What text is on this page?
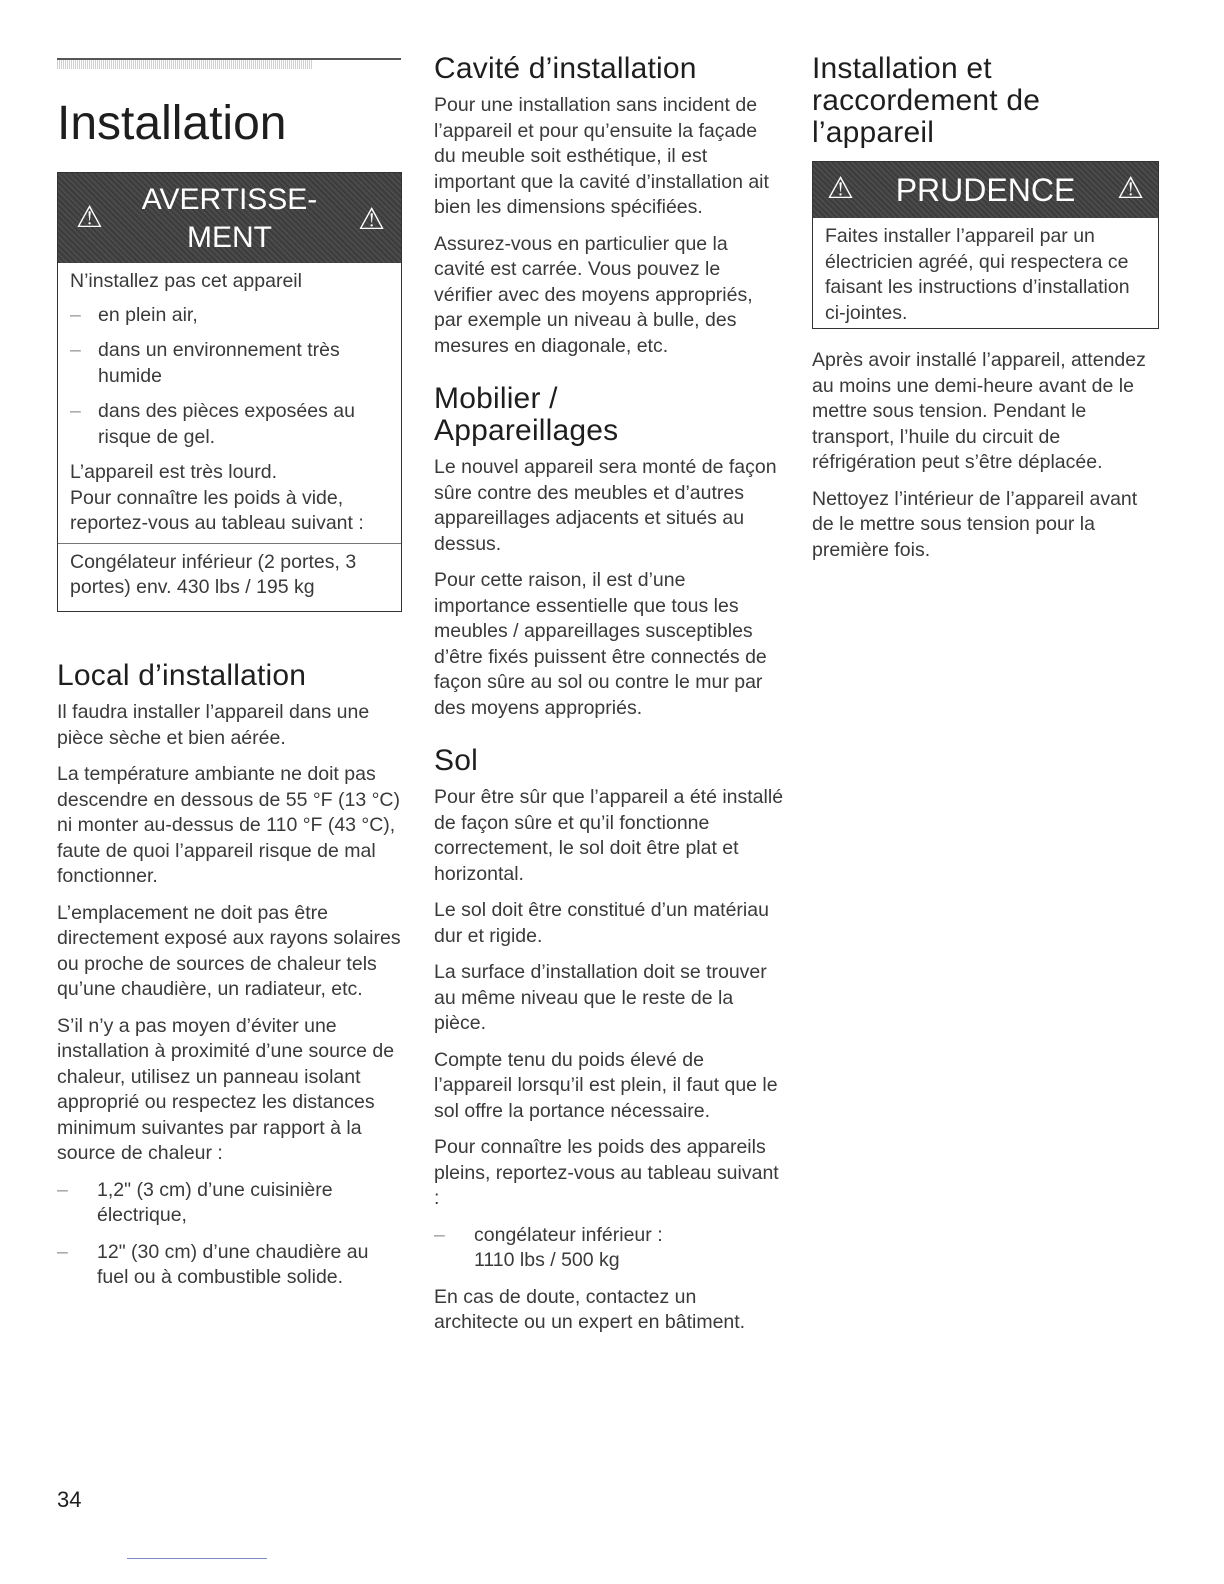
Installation
⚠
AVERTISSE-
MENT
⚠

N’installez pas cet appareil

– en plein air,
– dans un environnement très humide
– dans des pièces exposées au risque de gel.

L’appareil est très lourd.

Pour connaître les poids à vide, reportez-vous au tableau suivant :

Congélateur inférieur (2 portes, 3 portes) env. 430 lbs / 195 kg

Local d’installation

Il faudra installer l’appareil dans une pièce sèche et bien aérée.

La température ambiante ne doit pas descendre en dessous de 55 °F (13 °C) ni monter au-dessus de 110 °F (43 °C), faute de quoi l’appareil risque de mal fonctionner.

L’emplacement ne doit pas être directement exposé aux rayons solaires ou proche de sources de chaleur tels qu’une chaudière, un radiateur, etc.

S’il n’y a pas moyen d’éviter une installation à proximité d’une source de chaleur, utilisez un panneau isolant approprié ou respectez les distances minimum suivantes par rapport à la source de chaleur :

– 1,2" (3 cm) d’une cuisinière électrique,
– 12" (30 cm) d’une chaudière au fuel ou à combustible solide.
Cavité d’installation

Pour une installation sans incident de l’appareil et pour qu’ensuite la façade du meuble soit esthétique, il est important que la cavité d’installation ait bien les dimensions spécifiées.

Assurez-vous en particulier que la cavité est carrée. Vous pouvez le vérifier avec des moyens appropriés, par exemple un niveau à bulle, des mesures en diagonale, etc.

Mobilier /
Appareillages

Le nouvel appareil sera monté de façon sûre contre des meubles et d’autres appareillages adjacents et situés au dessus.

Pour cette raison, il est d’une importance essentielle que tous les meubles / appareillages susceptibles d’être fixés puissent être connectés de façon sûre au sol ou contre le mur par des moyens appropriés.

Sol

Pour être sûr que l’appareil a été installé de façon sûre et qu’il fonctionne correctement, le sol doit être plat et horizontal.

Le sol doit être constitué d’un matériau dur et rigide.

La surface d’installation doit se trouver au même niveau que le reste de la pièce.

Compte tenu du poids élevé de l’appareil lorsqu’il est plein, il faut que le sol offre la portance nécessaire.

Pour connaître les poids des appareils pleins, reportez-vous au tableau suivant :

– congélateur inférieur :
1110 lbs / 500 kg

En cas de doute, contactez un architecte ou un expert en bâtiment.

Installation et
raccordement de
l’appareil
⚠ PRUDENCE ⚠

Faites installer l’appareil par un électricien agréé, qui respectera ce faisant les instructions d’installation ci-jointes.

Après avoir installé l’appareil, attendez au moins une demi-heure avant de le mettre sous tension. Pendant le transport, l’huile du circuit de réfrigération peut s’être déplacée.

Nettoyez l’intérieur de l’appareil avant de le mettre sous tension pour la première fois.

34
